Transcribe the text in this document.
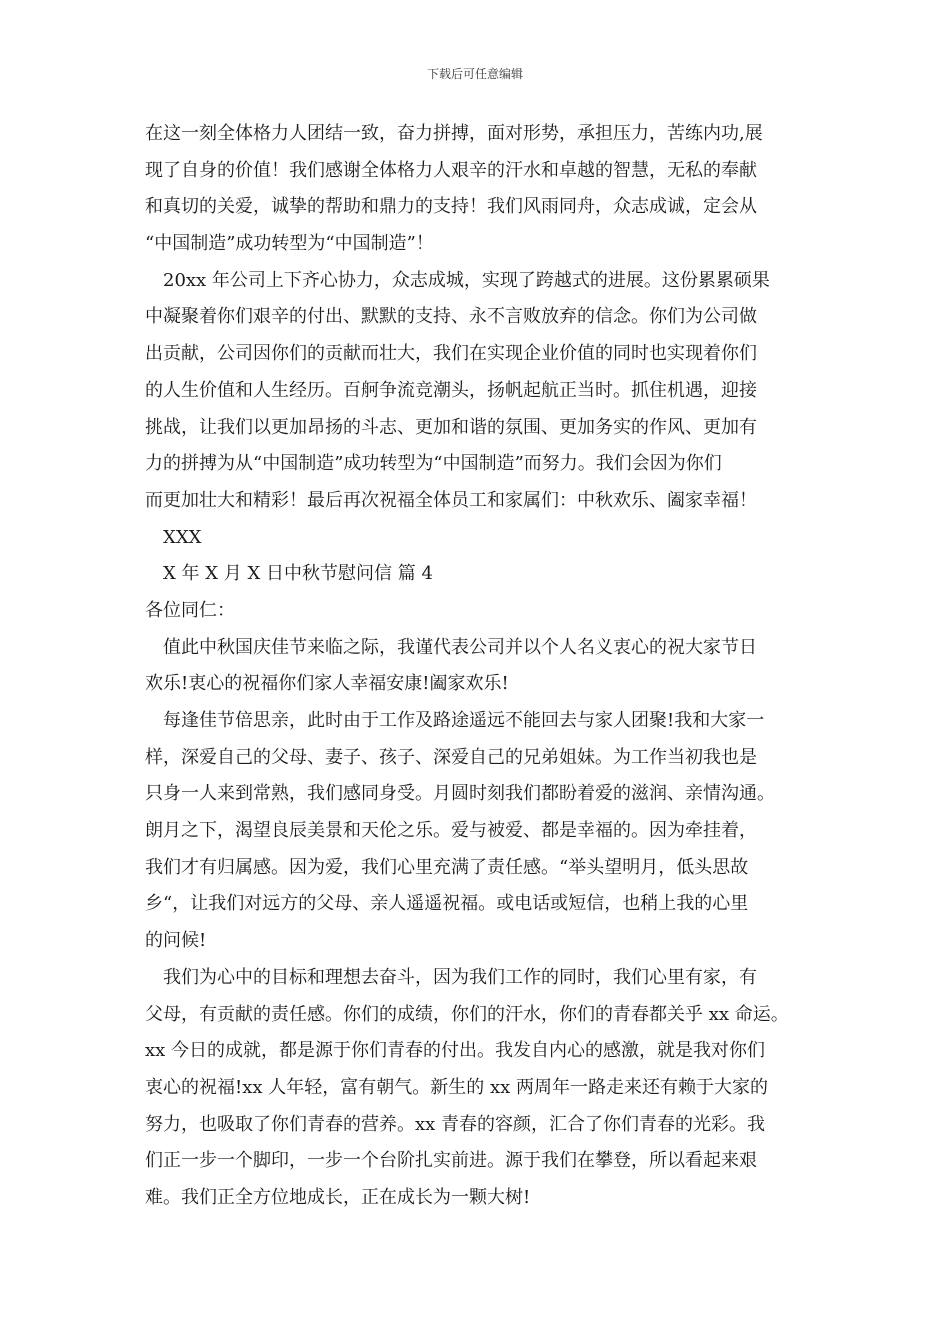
下载后可任意编辑
在这一刻全体格力人团结一致，奋力拼搏，面对形势，承担压力，苦练内功,展
现了自身的价值！我们感谢全体格力人艰辛的汗水和卓越的智慧，无私的奉献
和真切的关爱，诚挚的帮助和鼎力的支持！我们风雨同舟，众志成诚，定会从
“中国制造”成功转型为“中国制造”！
20xx 年公司上下齐心协力，众志成城，实现了跨越式的进展。这份累累硕果
中凝聚着你们艰辛的付出、默默的支持、永不言败放弃的信念。你们为公司做
出贡献，公司因你们的贡献而壮大，我们在实现企业价值的同时也实现着你们
的人生价值和人生经历。百舸争流竞潮头，扬帆起航正当时。抓住机遇，迎接
挑战，让我们以更加昂扬的斗志、更加和谐的氛围、更加务实的作风、更加有
力的拼搏为从“中国制造”成功转型为“中国制造”而努力。我们会因为你们
而更加壮大和精彩！最后再次祝福全体员工和家属们：中秋欢乐、阖家幸福！
XXX
X 年 X 月 X 日中秋节慰问信 篇 4
各位同仁：
值此中秋国庆佳节来临之际，我谨代表公司并以个人名义衷心的祝大家节日
欢乐!衷心的祝福你们家人幸福安康!阖家欢乐!
每逢佳节倍思亲，此时由于工作及路途遥远不能回去与家人团聚!我和大家一
样，深爱自己的父母、妻子、孩子、深爱自己的兄弟姐妹。为工作当初我也是
只身一人来到常熟，我们感同身受。月圆时刻我们都盼着爱的滋润、亲情沟通。
朗月之下，渴望良辰美景和天伦之乐。爱与被爱、都是幸福的。因为牵挂着，
我们才有归属感。因为爱，我们心里充满了责任感。“举头望明月，低头思故
乡“，让我们对远方的父母、亲人遥遥祝福。或电话或短信，也稍上我的心里
的问候!
我们为心中的目标和理想去奋斗，因为我们工作的同时，我们心里有家，有
父母，有贡献的责任感。你们的成绩，你们的汗水，你们的青春都关乎 xx 命运。
xx 今日的成就，都是源于你们青春的付出。我发自内心的感激，就是我对你们
衷心的祝福!xx 人年轻，富有朝气。新生的 xx 两周年一路走来还有赖于大家的
努力，也吸取了你们青春的营养。xx 青春的容颜，汇合了你们青春的光彩。我
们正一步一个脚印，一步一个台阶扎实前进。源于我们在攀登，所以看起来艰
难。我们正全方位地成长，正在成长为一颗大树!
